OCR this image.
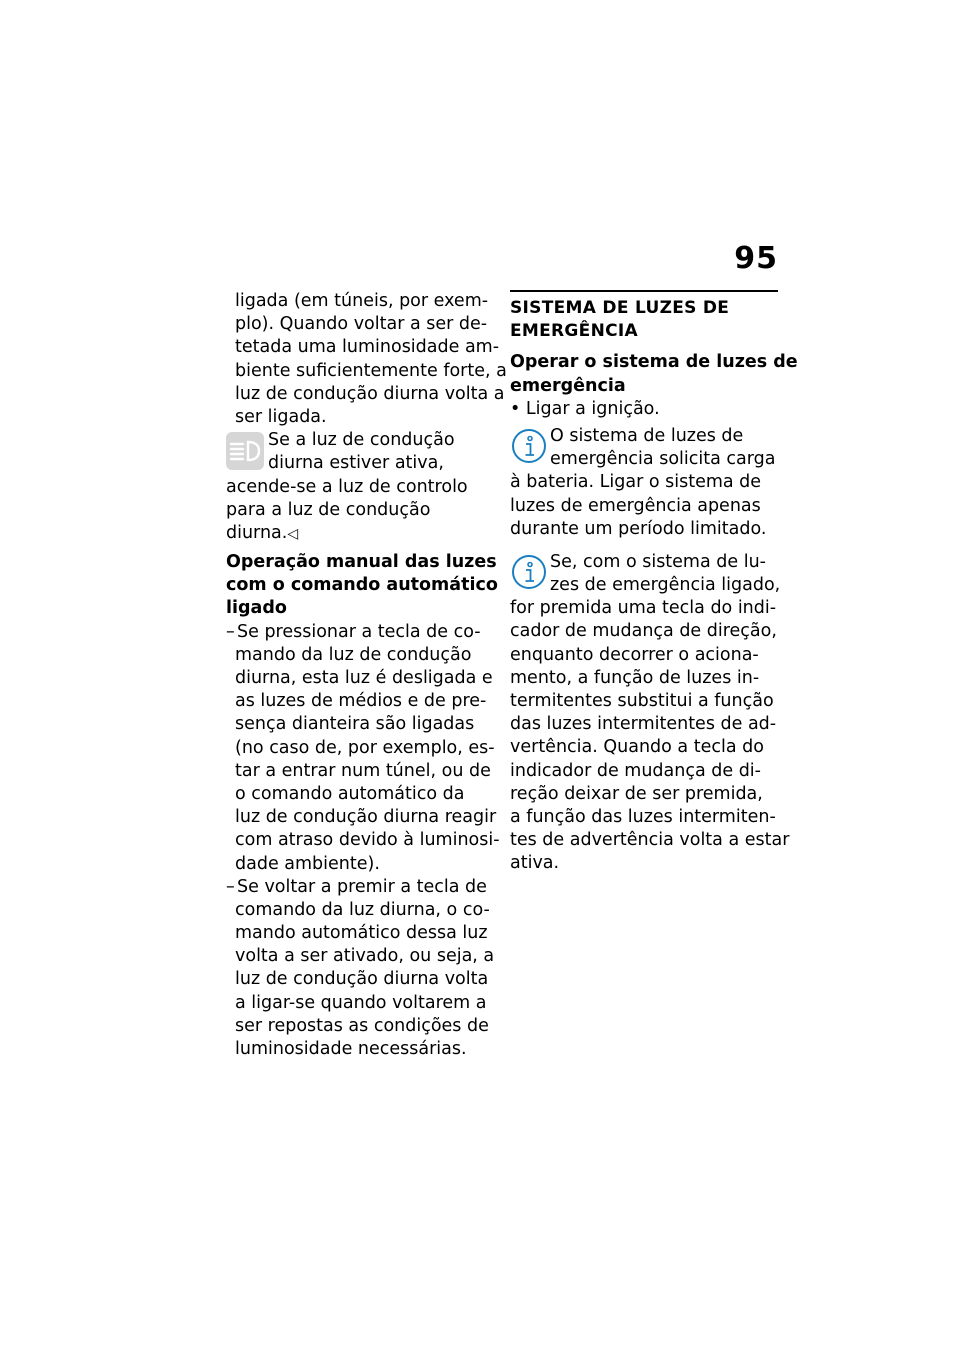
95
ligada (em túneis, por exem-
plo). Quando voltar a ser de-
tetada uma luminosidade am-
biente suficientemente forte, a
luz de condução diurna volta a
ser ligada.
Se a luz de condução
diurna estiver ativa,
acende-se a luz de controlo
para a luz de condução
diurna.◁
Operação manual das luzes
com o comando automático
ligado
– Se pressionar a tecla de co-
mando da luz de condução
diurna, esta luz é desligada e
as luzes de médios e de pre-
sença dianteira são ligadas
(no caso de, por exemplo, es-
tar a entrar num túnel, ou de
o comando automático da
luz de condução diurna reagir
com atraso devido à luminosi-
dade ambiente).
– Se voltar a premir a tecla de
comando da luz diurna, o co-
mando automático dessa luz
volta a ser ativado, ou seja, a
luz de condução diurna volta
a ligar-se quando voltarem a
ser repostas as condições de
luminosidade necessárias.
SISTEMA DE LUZES DE
EMERGÊNCIA
Operar o sistema de luzes de
emergência
• Ligar a ignição.
O sistema de luzes de
emergência solicita carga
à bateria. Ligar o sistema de
luzes de emergência apenas
durante um período limitado.
Se, com o sistema de lu-
zes de emergência ligado,
for premida uma tecla do indi-
cador de mudança de direção,
enquanto decorrer o aciona-
mento, a função de luzes in-
termitentes substitui a função
das luzes intermitentes de ad-
vertência. Quando a tecla do
indicador de mudança de di-
reção deixar de ser premida,
a função das luzes intermiten-
tes de advertência volta a estar
ativa.
